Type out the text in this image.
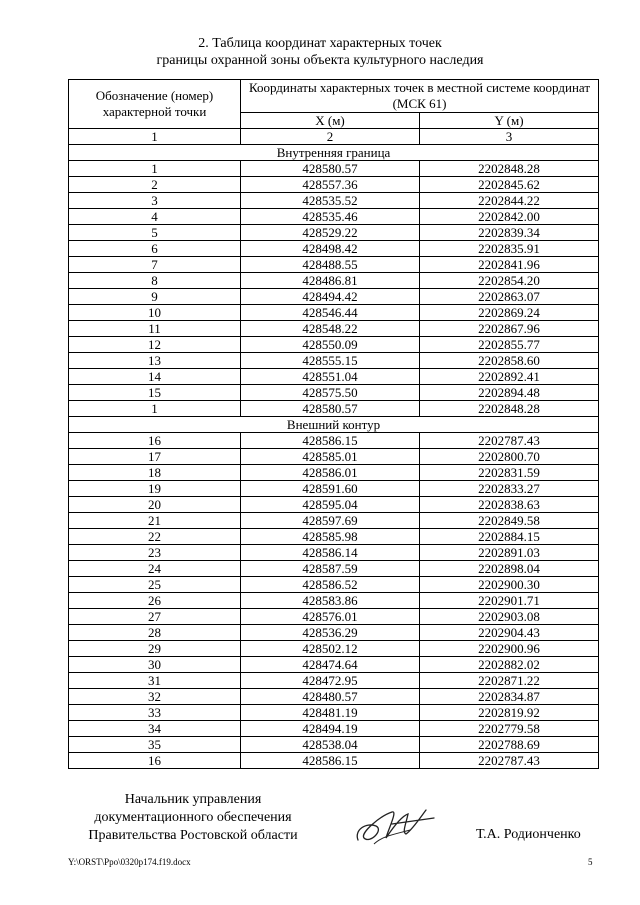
2. Таблица координат характерных точек
границы охранной зоны объекта культурного наследия
Обозначение (номер) характерной точки	Координаты характерных точек в местной системе координат (МСК 61)	
	X (м)	Y (м)
1	2	3
Внутренняя граница		
1	428580.57	2202848.28
2	428557.36	2202845.62
3	428535.52	2202844.22
4	428535.46	2202842.00
5	428529.22	2202839.34
6	428498.42	2202835.91
7	428488.55	2202841.96
8	428486.81	2202854.20
9	428494.42	2202863.07
10	428546.44	2202869.24
11	428548.22	2202867.96
12	428550.09	2202855.77
13	428555.15	2202858.60
14	428551.04	2202892.41
15	428575.50	2202894.48
1	428580.57	2202848.28
Внешний контур		
16	428586.15	2202787.43
17	428585.01	2202800.70
18	428586.01	2202831.59
19	428591.60	2202833.27
20	428595.04	2202838.63
21	428597.69	2202849.58
22	428585.98	2202884.15
23	428586.14	2202891.03
24	428587.59	2202898.04
25	428586.52	2202900.30
26	428583.86	2202901.71
27	428576.01	2202903.08
28	428536.29	2202904.43
29	428502.12	2202900.96
30	428474.64	2202882.02
31	428472.95	2202871.22
32	428480.57	2202834.87
33	428481.19	2202819.92
34	428494.19	2202779.58
35	428538.04	2202788.69
16	428586.15	2202787.43
Начальник управления
документационного обеспечения
Правительства Ростовской области	Т.А. Родионченко
Y:\ORST\Ppo\0320p174.f19.docx	5
